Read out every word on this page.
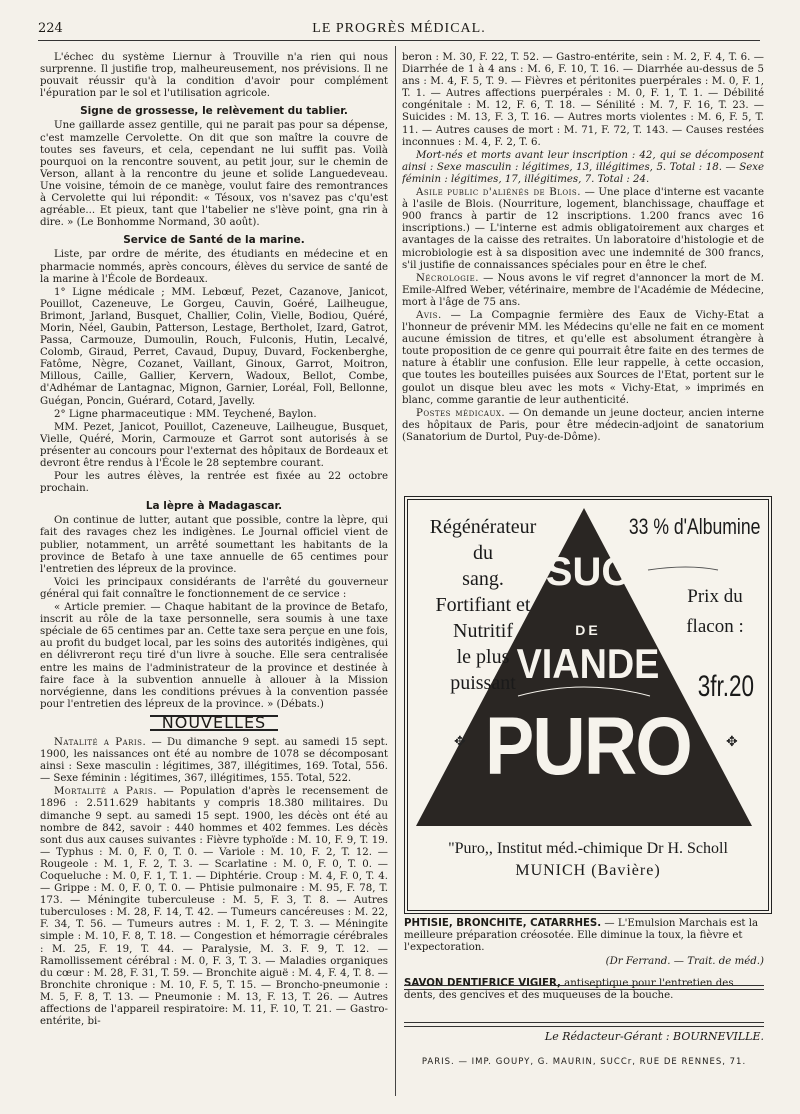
224	LE PROGRÈS MÉDICAL.

L'échec du système Liernur à Trouville n'a rien qui nous surprenne. Il justifie trop, malheureusement, nos prévisions. Il ne pouvait réussir qu'à la condition d'avoir pour complément l'épuration par le sol et l'utilisation agricole.

Signe de grossesse, le relèvement du tablier.

Une gaillarde assez gentille, qui ne parait pas pour sa dépense, c'est mamzelle Cervolette. On dit que son maître la couvre de toutes ses faveurs, et cela, cependant ne lui suffit pas. Voilà pourquoi on la rencontre souvent, au petit jour, sur le chemin de Verson, allant à la rencontre du jeune et solide Languedeveau. Une voisine, témoin de ce manège, voulut faire des remontrances à Cervolette qui lui répondit: « Tésoux, vos n'savez pas c'qu'est agréable... Et pieux, tant que l'tabelier ne s'lève point, gna rin à dire. » (Le Bonhomme Normand, 30 août).

Service de Santé de la marine.

Liste, par ordre de mérite, des étudiants en médecine et en pharmacie nommés, après concours, élèves du service de santé de la marine à l'École de Bordeaux.

1° Ligne médicale ; MM. Lebœuf, Pezet, Cazanove, Janicot, Pouillot, Cazeneuve, Le Gorgeu, Cauvin, Goéré, Lailheugue, Brimont, Jarland, Busquet, Challier, Colin, Vielle, Bodiou, Quéré, Morin, Néel, Gaubin, Patterson, Lestage, Bertholet, Izard, Gatrot, Passa, Carmouze, Dumoulin, Rouch, Fulconis, Hutin, Lecalvé, Colomb, Giraud, Perret, Cavaud, Dupuy, Duvard, Fockenberghe, Fatôme, Nègre, Cozanet, Vaillant, Ginoux, Garrot, Moitron, Millous, Caille, Gallier, Kervern, Wadoux, Bellot, Combe, d'Adhémar de Lantagnac, Mignon, Garnier, Loréal, Foll, Bellonne, Guégan, Poncin, Guérard, Cotard, Javelly.

2° Ligne pharmaceutique : MM. Teychené, Baylon.

MM. Pezet, Janicot, Pouillot, Cazeneuve, Lailheugue, Busquet, Vielle, Quéré, Morin, Carmouze et Garrot sont autorisés à se présenter au concours pour l'externat des hôpitaux de Bordeaux et devront être rendus à l'École le 28 septembre courant.

Pour les autres élèves, la rentrée est fixée au 22 octobre prochain.

La lèpre à Madagascar.

On continue de lutter, autant que possible, contre la lèpre, qui fait des ravages chez les indigènes. Le Journal officiel vient de publier, notamment, un arrêté soumettant les habitants de la province de Betafo à une taxe annuelle de 65 centimes pour l'entretien des lépreux de la province.

Voici les principaux considérants de l'arrêté du gouverneur général qui fait connaître le fonctionnement de ce service :

« Article premier. — Chaque habitant de la province de Betafo, inscrit au rôle de la taxe personnelle, sera soumis à une taxe spéciale de 65 centimes par an. Cette taxe sera perçue en une fois, au profit du budget local, par les soins des autorités indigènes, qui en délivreront reçu tiré d'un livre à souche. Elle sera centralisée entre les mains de l'administrateur de la province et destinée à faire face à la subvention annuelle à allouer à la Mission norvégienne, dans les conditions prévues à la convention passée pour l'entretien des lépreux de la province. » (Débats.)

NOUVELLES

Natalité a Paris. — Du dimanche 9 sept. au samedi 15 sept. 1900, les naissances ont été au nombre de 1078 se décomposant ainsi : Sexe masculin : légitimes, 387, illégitimes, 169. Total, 556. — Sexe féminin : légitimes, 367, illégitimes, 155. Total, 522.

Mortalité a Paris. — Population d'après le recensement de 1896 : 2.511.629 habitants y compris 18.380 militaires. Du dimanche 9 sept. au samedi 15 sept. 1900, les décès ont été au nombre de 842, savoir : 440 hommes et 402 femmes. Les décès sont dus aux causes suivantes : Fièvre typhoïde : M. 10, F. 9, T. 19. — Typhus : M. 0, F. 0, T. 0. — Variole : M. 10, F. 2, T. 12. — Rougeole : M. 1, F. 2, T. 3. — Scarlatine : M. 0, F. 0, T. 0. — Coqueluche : M. 0, F. 1, T. 1. — Diphtérie. Croup : M. 4, F. 0, T. 4. — Grippe : M. 0, F. 0, T. 0. — Phtisie pulmonaire : M. 95, F. 78, T. 173. — Méningite tuberculeuse : M. 5, F. 3, T. 8. — Autres tuberculoses : M. 28, F. 14, T. 42. — Tumeurs cancéreuses : M. 22, F. 34, T. 56. — Tumeurs autres : M. 1, F. 2, T. 3. — Méningite simple : M. 10, F. 8, T. 18. — Congestion et hémorragie cérébrales : M. 25, F. 19, T. 44. — Paralysie, M. 3. F. 9, T. 12. — Ramollissement cérébral : M. 0, F. 3, T. 3. — Maladies organiques du cœur : M. 28, F. 31, T. 59. — Bronchite aiguë : M. 4, F. 4, T. 8. — Bronchite chronique : M. 10, F. 5, T. 15. — Broncho-pneumonie : M. 5, F. 8, T. 13. — Pneumonie : M. 13, F. 13, T. 26. — Autres affections de l'appareil respiratoire: M. 11, F. 10, T. 21. — Gastro-entérite, bi-

beron : M. 30, F. 22, T. 52. — Gastro-entérite, sein : M. 2, F. 4, T. 6. — Diarrhée de 1 à 4 ans : M. 6, F. 10, T. 16. — Diarrhée au-dessus de 5 ans : M. 4, F. 5, T. 9. — Fièvres et péritonites puerpérales : M. 0, F. 1, T. 1. — Autres affections puerpérales : M. 0, F. 1, T. 1. — Débilité congénitale : M. 12, F. 6, T. 18. — Sénilité : M. 7, F. 16, T. 23. — Suicides : M. 13, F. 3, T. 16. — Autres morts violentes : M. 6, F. 5, T. 11. — Autres causes de mort : M. 71, F. 72, T. 143. — Causes restées inconnues : M. 4, F. 2, T. 6.

Mort-nés et morts avant leur inscription : 42, qui se décomposent ainsi : Sexe masculin : légitimes, 13, illégitimes, 5. Total : 18. — Sexe féminin : légitimes, 17, illégitimes, 7. Total : 24.

Asile public d'aliénés de Blois. — Une place d'interne est vacante à l'asile de Blois. (Nourriture, logement, blanchissage, chauffage et 900 francs à partir de 12 inscriptions. 1.200 francs avec 16 inscriptions.) — L'interne est admis obligatoirement aux charges et avantages de la caisse des retraites. Un laboratoire d'histologie et de microbiologie est à sa disposition avec une indemnité de 300 francs, s'il justifie de connaissances spéciales pour en être le chef.

Nécrologie. — Nous avons le vif regret d'annoncer la mort de M. Emile-Alfred Weber, vétérinaire, membre de l'Académie de Médecine, mort à l'âge de 75 ans.

Avis. — La Compagnie fermière des Eaux de Vichy-Etat a l'honneur de prévenir MM. les Médecins qu'elle ne fait en ce moment aucune émission de titres, et qu'elle est absolument étrangère à toute proposition de ce genre qui pourrait être faite en des termes de nature à établir une confusion. Elle leur rappelle, à cette occasion, que toutes les bouteilles puisées aux Sources de l'Etat, portent sur le goulot un disque bleu avec les mots « Vichy-Etat, » imprimés en blanc, comme garantie de leur authenticité.

Postes médicaux. — On demande un jeune docteur, ancien interne des hôpitaux de Paris, pour être médecin-adjoint de sanatorium (Sanatorium de Durtol, Puy-de-Dôme).

✥	✥
Régénérateur du
sang.
Fortifiant et
Nutritif
le plus
puissant
33 % d'Albumine
Prix du
flacon :
3fr.20
SUC
DE
VIANDE
PURO
"Puro,, Institut méd.-chimique Dr H. Scholl
MUNICH (Bavière)

PHTISIE, BRONCHITE, CATARRHES. — L'Emulsion Marchais est la meilleure préparation créosotée. Elle diminue la toux, la fièvre et l'expectoration.

(Dr Ferrand. — Trait. de méd.)

SAVON DENTIFRICE VIGIER, antiseptique pour l'entretien des dents, des gencives et des muqueuses de la bouche.

Le Rédacteur-Gérant : BOURNEVILLE.
PARIS. — IMP. GOUPY, G. MAURIN, SUCCr, RUE DE RENNES, 71.
